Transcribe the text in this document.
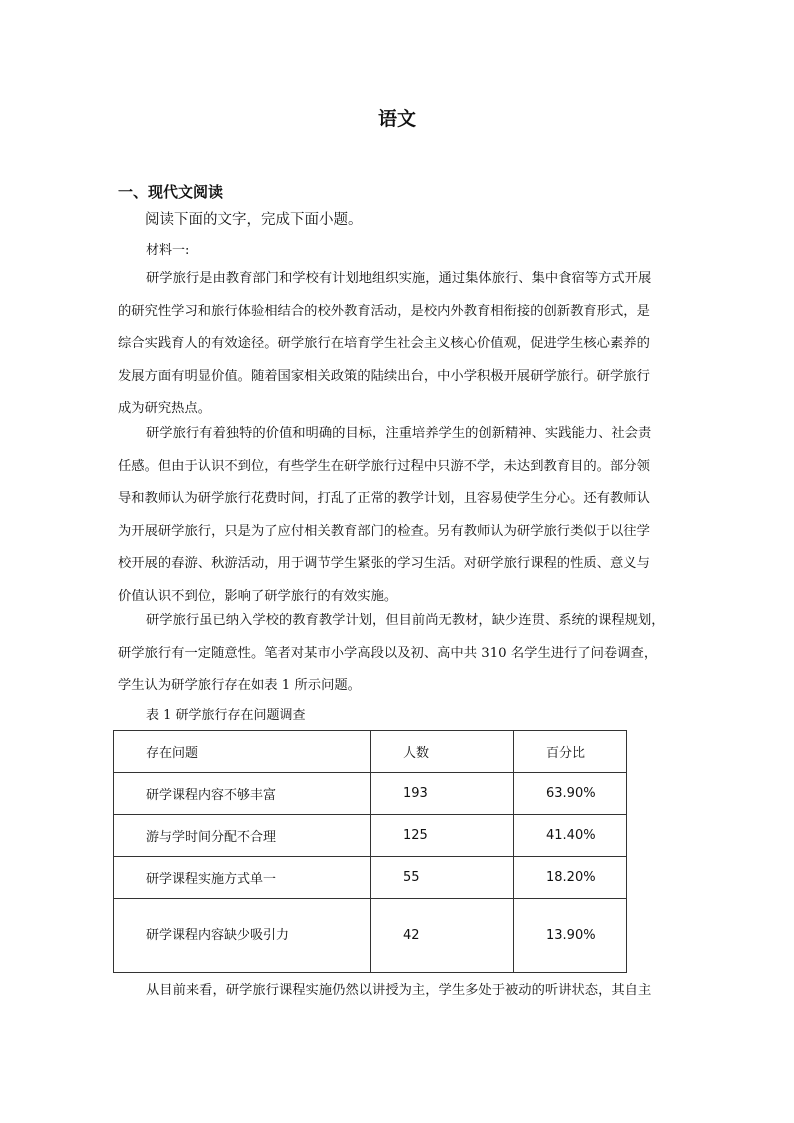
语文
一、现代文阅读
阅读下面的文字，完成下面小题。
材料一:
研学旅行是由教育部门和学校有计划地组织实施，通过集体旅行、集中食宿等方式开展
的研究性学习和旅行体验相结合的校外教育活动，是校内外教育相衔接的创新教育形式，是
综合实践育人的有效途径。研学旅行在培育学生社会主义核心价值观，促进学生核心素养的
发展方面有明显价值。随着国家相关政策的陆续出台，中小学积极开展研学旅行。研学旅行
成为研究热点。
研学旅行有着独特的价值和明确的目标，注重培养学生的创新精神、实践能力、社会责
任感。但由于认识不到位，有些学生在研学旅行过程中只游不学，未达到教育目的。部分领
导和教师认为研学旅行花费时间，打乱了正常的教学计划，且容易使学生分心。还有教师认
为开展研学旅行，只是为了应付相关教育部门的检查。另有教师认为研学旅行类似于以往学
校开展的春游、秋游活动，用于调节学生紧张的学习生活。对研学旅行课程的性质、意义与
价值认识不到位，影响了研学旅行的有效实施。
研学旅行虽已纳入学校的教育教学计划，但目前尚无教材，缺少连贯、系统的课程规划，
研学旅行有一定随意性。笔者对某市小学高段以及初、高中共 310 名学生进行了问卷调查，
学生认为研学旅行存在如表 1 所示问题。
表 1 研学旅行存在问题调查
存在问题	人数	百分比
研学课程内容不够丰富	193	63.90%
游与学时间分配不合理	125	41.40%
研学课程实施方式单一	55	18.20%
研学课程内容缺少吸引力	42	13.90%
从目前来看，研学旅行课程实施仍然以讲授为主，学生多处于被动的听讲状态，其自主
